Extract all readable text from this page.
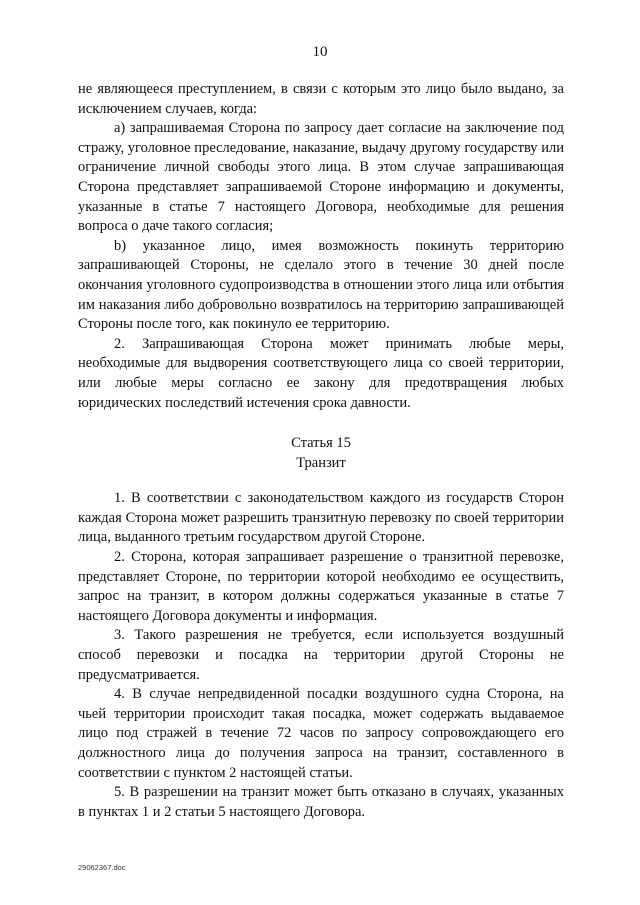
10

не являющееся преступлением, в связи с которым это лицо было выдано, за исключением случаев, когда:

a) запрашиваемая Сторона по запросу дает согласие на заключение под стражу, уголовное преследование, наказание, выдачу другому государству или ограничение личной свободы этого лица. В этом случае запрашивающая Сторона представляет запрашиваемой Стороне информацию и документы, указанные в статье 7 настоящего Договора, необходимые для решения вопроса о даче такого согласия;

b) указанное лицо, имея возможность покинуть территорию запрашивающей Стороны, не сделало этого в течение 30 дней после окончания уголовного судопроизводства в отношении этого лица или отбытия им наказания либо добровольно возвратилось на территорию запрашивающей Стороны после того, как покинуло ее территорию.

2. Запрашивающая Сторона может принимать любые меры, необходимые для выдворения соответствующего лица со своей территории, или любые меры согласно ее закону для предотвращения любых юридических последствий истечения срока давности.

Статья 15
Транзит

1. В соответствии с законодательством каждого из государств Сторон каждая Сторона может разрешить транзитную перевозку по своей территории лица, выданного третьим государством другой Стороне.

2. Сторона, которая запрашивает разрешение о транзитной перевозке, представляет Стороне, по территории которой необходимо ее осуществить, запрос на транзит, в котором должны содержаться указанные в статье 7 настоящего Договора документы и информация.

3. Такого разрешения не требуется, если используется воздушный способ перевозки и посадка на территории другой Стороны не предусматривается.

4. В случае непредвиденной посадки воздушного судна Сторона, на чьей территории происходит такая посадка, может содержать выдаваемое лицо под стражей в течение 72 часов по запросу сопровождающего его должностного лица до получения запроса на транзит, составленного в соответствии с пунктом 2 настоящей статьи.

5. В разрешении на транзит может быть отказано в случаях, указанных в пунктах 1 и 2 статьи 5 настоящего Договора.

29062367.doc
